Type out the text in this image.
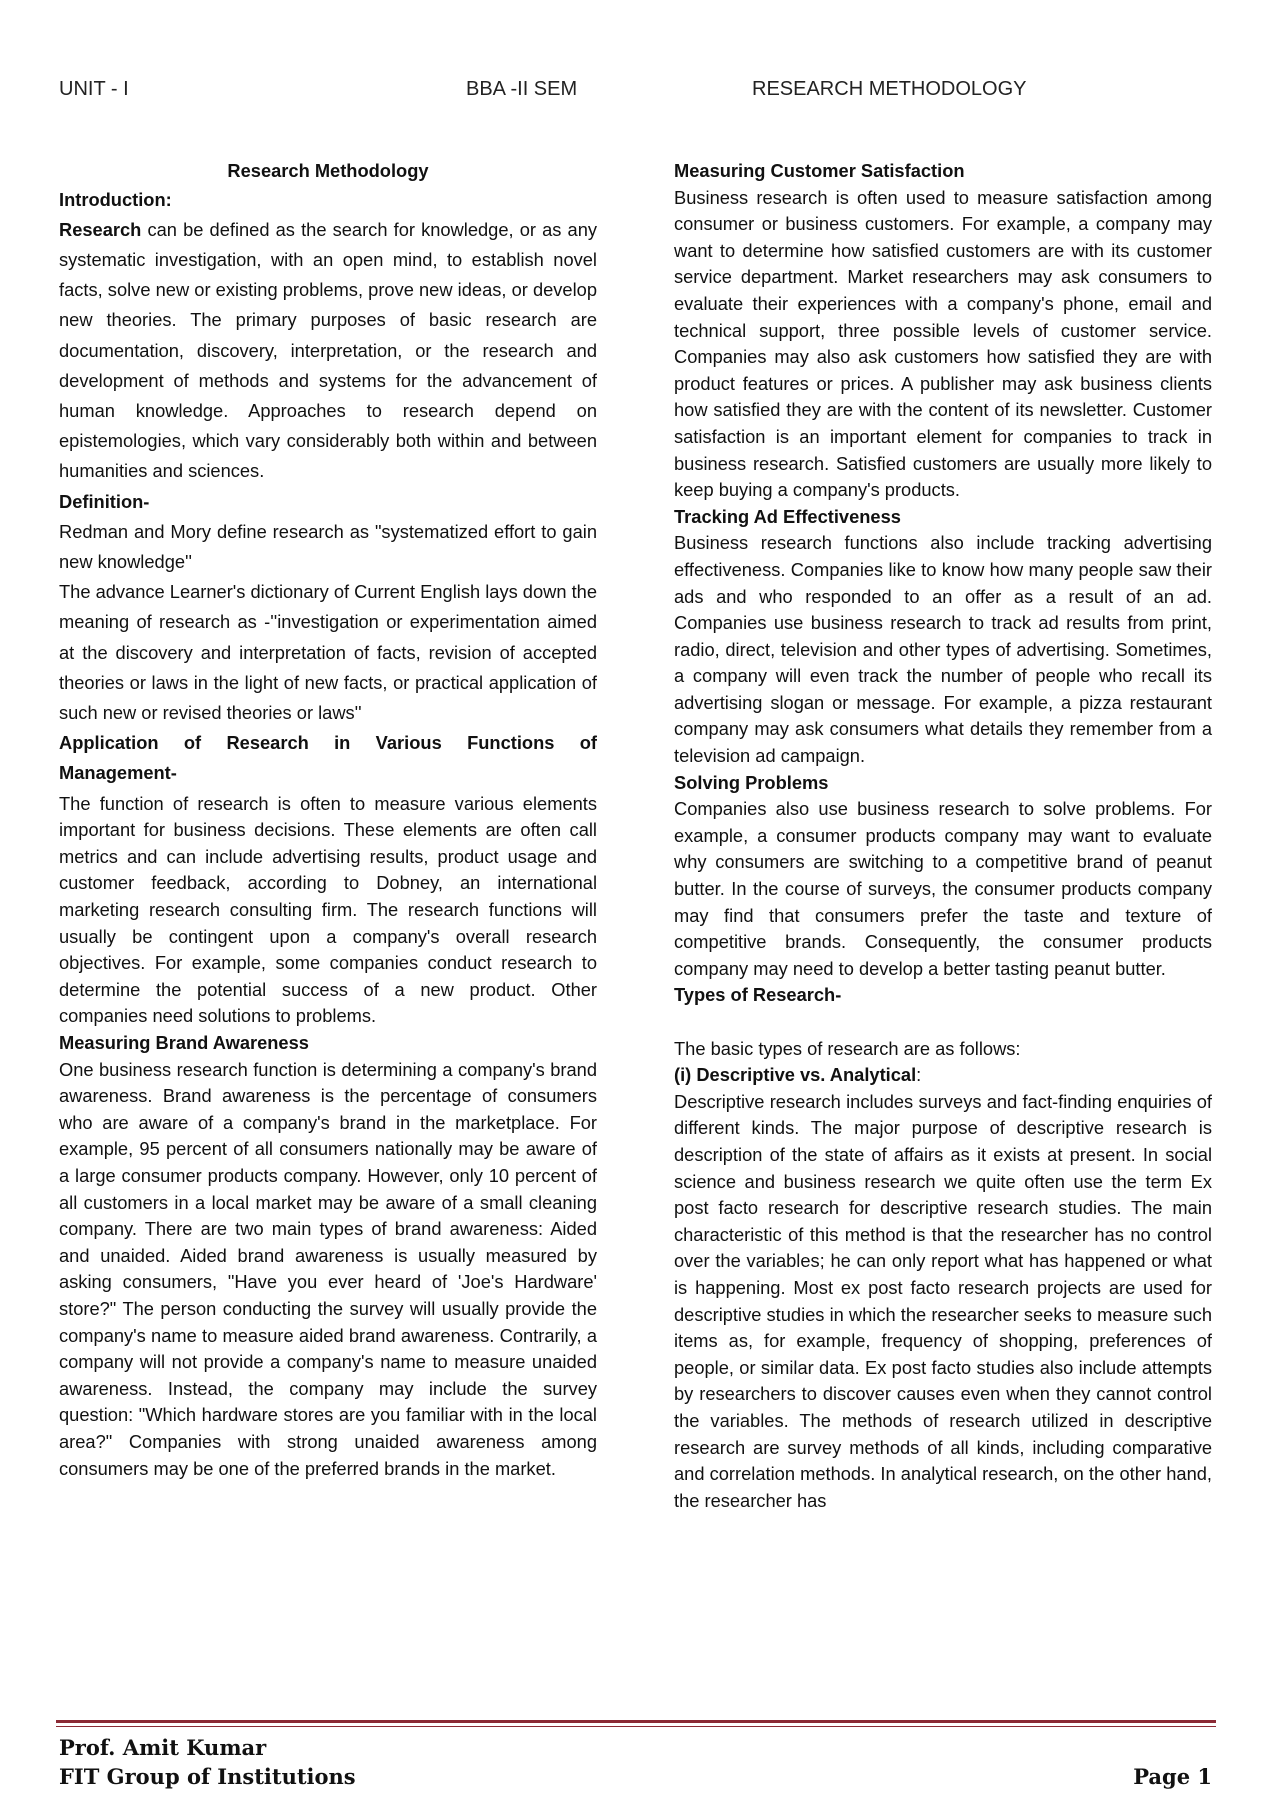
UNIT - I	BBA -II SEM	RESEARCH METHODOLOGY

Research Methodology

Introduction:

Research can be defined as the search for knowledge, or as any systematic investigation, with an open mind, to establish novel facts, solve new or existing problems, prove new ideas, or develop new theories. The primary purposes of basic research are documentation, discovery, interpretation, or the research and development of methods and systems for the advancement of human knowledge. Approaches to research depend on epistemologies, which vary considerably both within and between humanities and sciences.

Definition-

Redman and Mory define research as "systematized effort to gain new knowledge''

The advance Learner's dictionary of Current English lays down the meaning of research as -''investigation or experimentation aimed at the discovery and interpretation of facts, revision of accepted theories or laws in the light of new facts, or practical application of such new or revised theories or laws''

Application of Research in Various Functions of Management-

The function of research is often to measure various elements important for business decisions. These elements are often call metrics and can include advertising results, product usage and customer feedback, according to Dobney, an international marketing research consulting firm. The research functions will usually be contingent upon a company's overall research objectives. For example, some companies conduct research to determine the potential success of a new product. Other companies need solutions to problems.

Measuring Brand Awareness

One business research function is determining a company's brand awareness. Brand awareness is the percentage of consumers who are aware of a company's brand in the marketplace. For example, 95 percent of all consumers nationally may be aware of a large consumer products company. However, only 10 percent of all customers in a local market may be aware of a small cleaning company. There are two main types of brand awareness: Aided and unaided. Aided brand awareness is usually measured by asking consumers, "Have you ever heard of 'Joe's Hardware' store?" The person conducting the survey will usually provide the company's name to measure aided brand awareness. Contrarily, a company will not provide a company's name to measure unaided awareness. Instead, the company may include the survey question: "Which hardware stores are you familiar with in the local area?" Companies with strong unaided awareness among consumers may be one of the preferred brands in the market.

Measuring Customer Satisfaction

Business research is often used to measure satisfaction among consumer or business customers. For example, a company may want to determine how satisfied customers are with its customer service department. Market researchers may ask consumers to evaluate their experiences with a company's phone, email and technical support, three possible levels of customer service. Companies may also ask customers how satisfied they are with product features or prices. A publisher may ask business clients how satisfied they are with the content of its newsletter. Customer satisfaction is an important element for companies to track in business research. Satisfied customers are usually more likely to keep buying a company's products.

Tracking Ad Effectiveness

Business research functions also include tracking advertising effectiveness. Companies like to know how many people saw their ads and who responded to an offer as a result of an ad. Companies use business research to track ad results from print, radio, direct, television and other types of advertising. Sometimes, a company will even track the number of people who recall its advertising slogan or message. For example, a pizza restaurant company may ask consumers what details they remember from a television ad campaign.

Solving Problems

Companies also use business research to solve problems. For example, a consumer products company may want to evaluate why consumers are switching to a competitive brand of peanut butter. In the course of surveys, the consumer products company may find that consumers prefer the taste and texture of competitive brands. Consequently, the consumer products company may need to develop a better tasting peanut butter.

Types of Research-

The basic types of research are as follows:

(i) Descriptive vs. Analytical:

Descriptive research includes surveys and fact-finding enquiries of different kinds. The major purpose of descriptive research is description of the state of affairs as it exists at present. In social science and business research we quite often use the term Ex post facto research for descriptive research studies. The main characteristic of this method is that the researcher has no control over the variables; he can only report what has happened or what is happening. Most ex post facto research projects are used for descriptive studies in which the researcher seeks to measure such items as, for example, frequency of shopping, preferences of people, or similar data. Ex post facto studies also include attempts by researchers to discover causes even when they cannot control the variables. The methods of research utilized in descriptive research are survey methods of all kinds, including comparative and correlation methods. In analytical research, on the other hand, the researcher has

Prof. Amit Kumar
FIT Group of Institutions	Page 1
